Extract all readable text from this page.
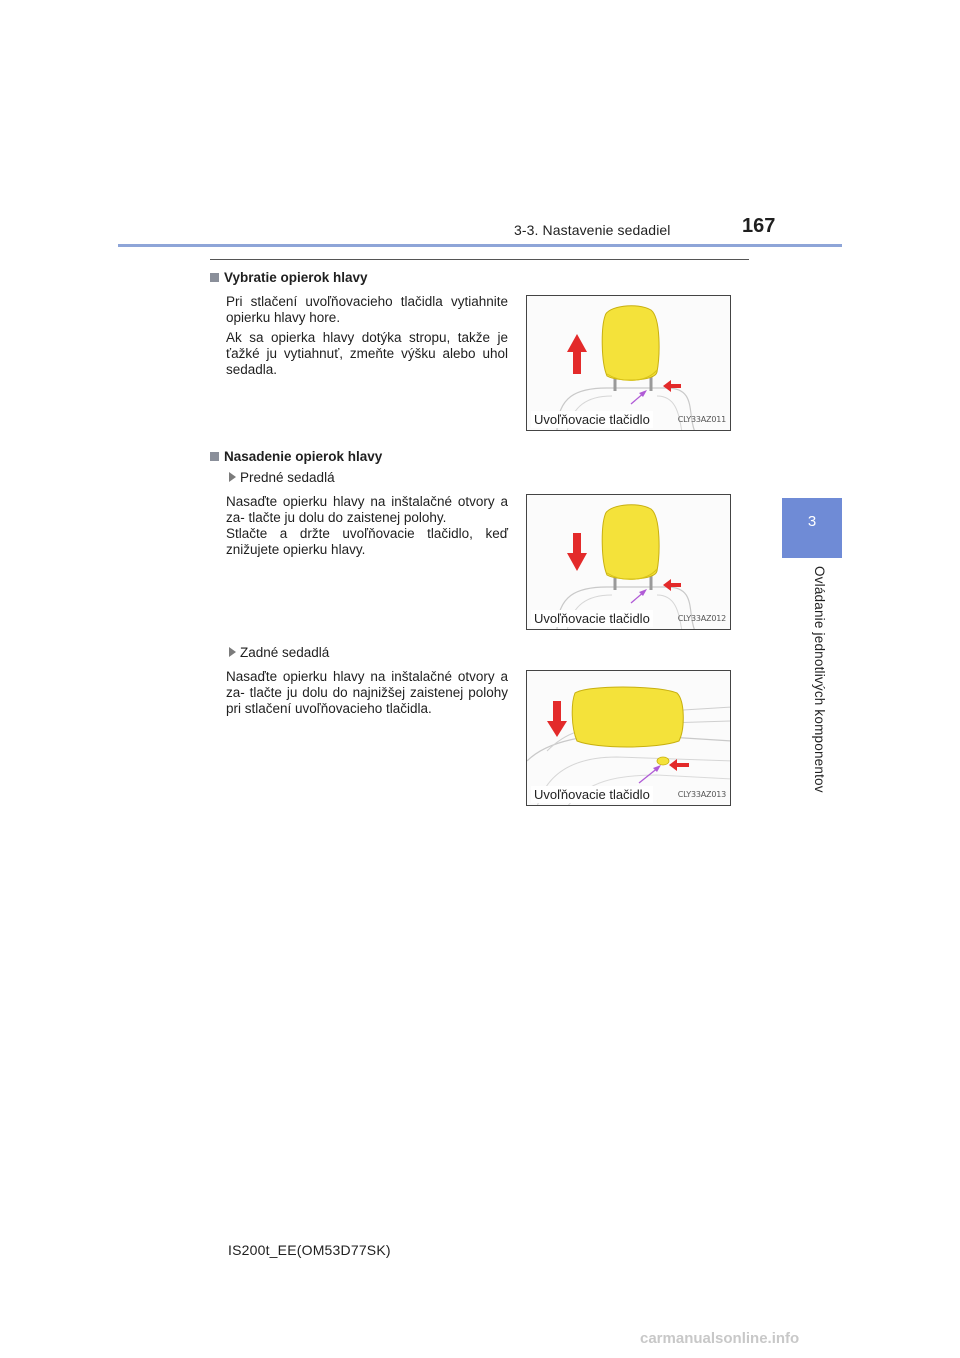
3-3. Nastavenie sedadiel	167
3
Ovládanie jednotlivých komponentov
Vybratie opierok hlavy

Pri stlačení uvoľňovacieho tlačidla vytiahnite opierku hlavy hore.

Ak sa opierka hlavy dotýka stropu, takže je ťažké ju vytiahnuť, zmeňte výšku alebo uhol sedadla.

Uvoľňovacie tlačidlo	CLY33AZ011
Nasadenie opierok hlavy
Predné sedadlá

Nasaďte opierku hlavy na inštalačné otvory a za- tlačte ju dolu do zaistenej polohy.

Stlačte a držte uvoľňovacie tlačidlo, keď znižujete opierku hlavy.

Uvoľňovacie tlačidlo	CLY33AZ012
Zadné sedadlá

Nasaďte opierku hlavy na inštalačné otvory a za- tlačte ju dolu do najnižšej zaistenej polohy pri stlačení uvoľňovacieho tlačidla.

Uvoľňovacie tlačidlo	CLY33AZ013
IS200t_EE(OM53D77SK)
carmanualsonline.info
